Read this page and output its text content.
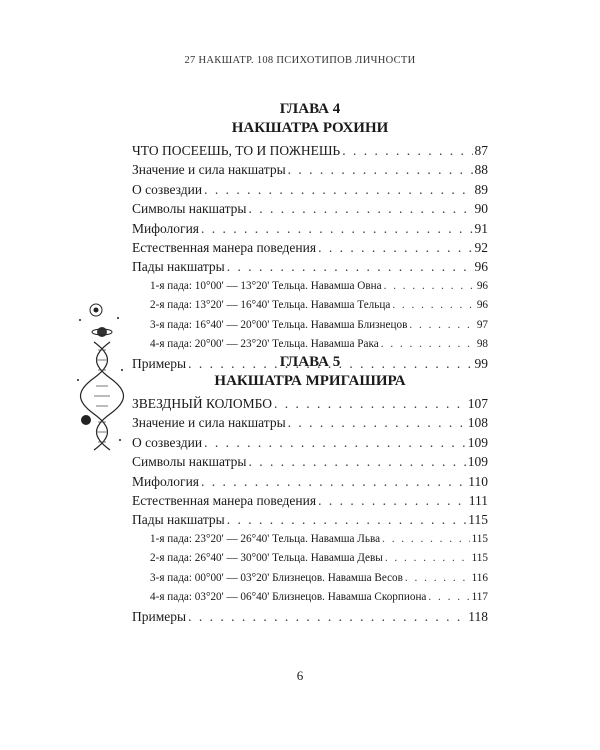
27 НАКШАТР. 108 ПСИХОТИПОВ ЛИЧНОСТИ
ГЛАВА 4
НАКШАТРА РОХИНИ
ЧТО ПОСЕЕШЬ, ТО И ПОЖНЕШЬ . . .	87
Значение и сила накшатры . . .	88
О созвездии . . .	89
Символы накшатры . . .	90
Мифология . . .	91
Естественная манера поведения . . .	92
Пады накшатры . . .	96
1-я пада: 10°00' — 13°20' Тельца. Навамша Овна . . .	96
2-я пада: 13°20' — 16°40' Тельца. Навамша Тельца . . .	96
3-я пада: 16°40' — 20°00' Тельца. Навамша Близнецов . . .	97
4-я пада: 20°00' — 23°20' Тельца. Навамша Рака . . .	98
Примеры . . .	99
ГЛАВА 5
НАКШАТРА МРИГАШИРА
ЗВЕЗДНЫЙ КОЛОМБО . . .	107
Значение и сила накшатры . . .	108
О созвездии . . .	109
Символы накшатры . . .	109
Мифология . . .	110
Естественная манера поведения . . .	111
Пады накшатры . . .	115
1-я пада: 23°20' — 26°40' Тельца. Навамша Льва . . .	115
2-я пада: 26°40' — 30°00' Тельца. Навамша Девы . . .	115
3-я пада: 00°00' — 03°20' Близнецов. Навамша Весов . . .	116
4-я пада: 03°20' — 06°40' Близнецов. Навамша Скорпиона . . .	117
Примеры . . .	118
6
